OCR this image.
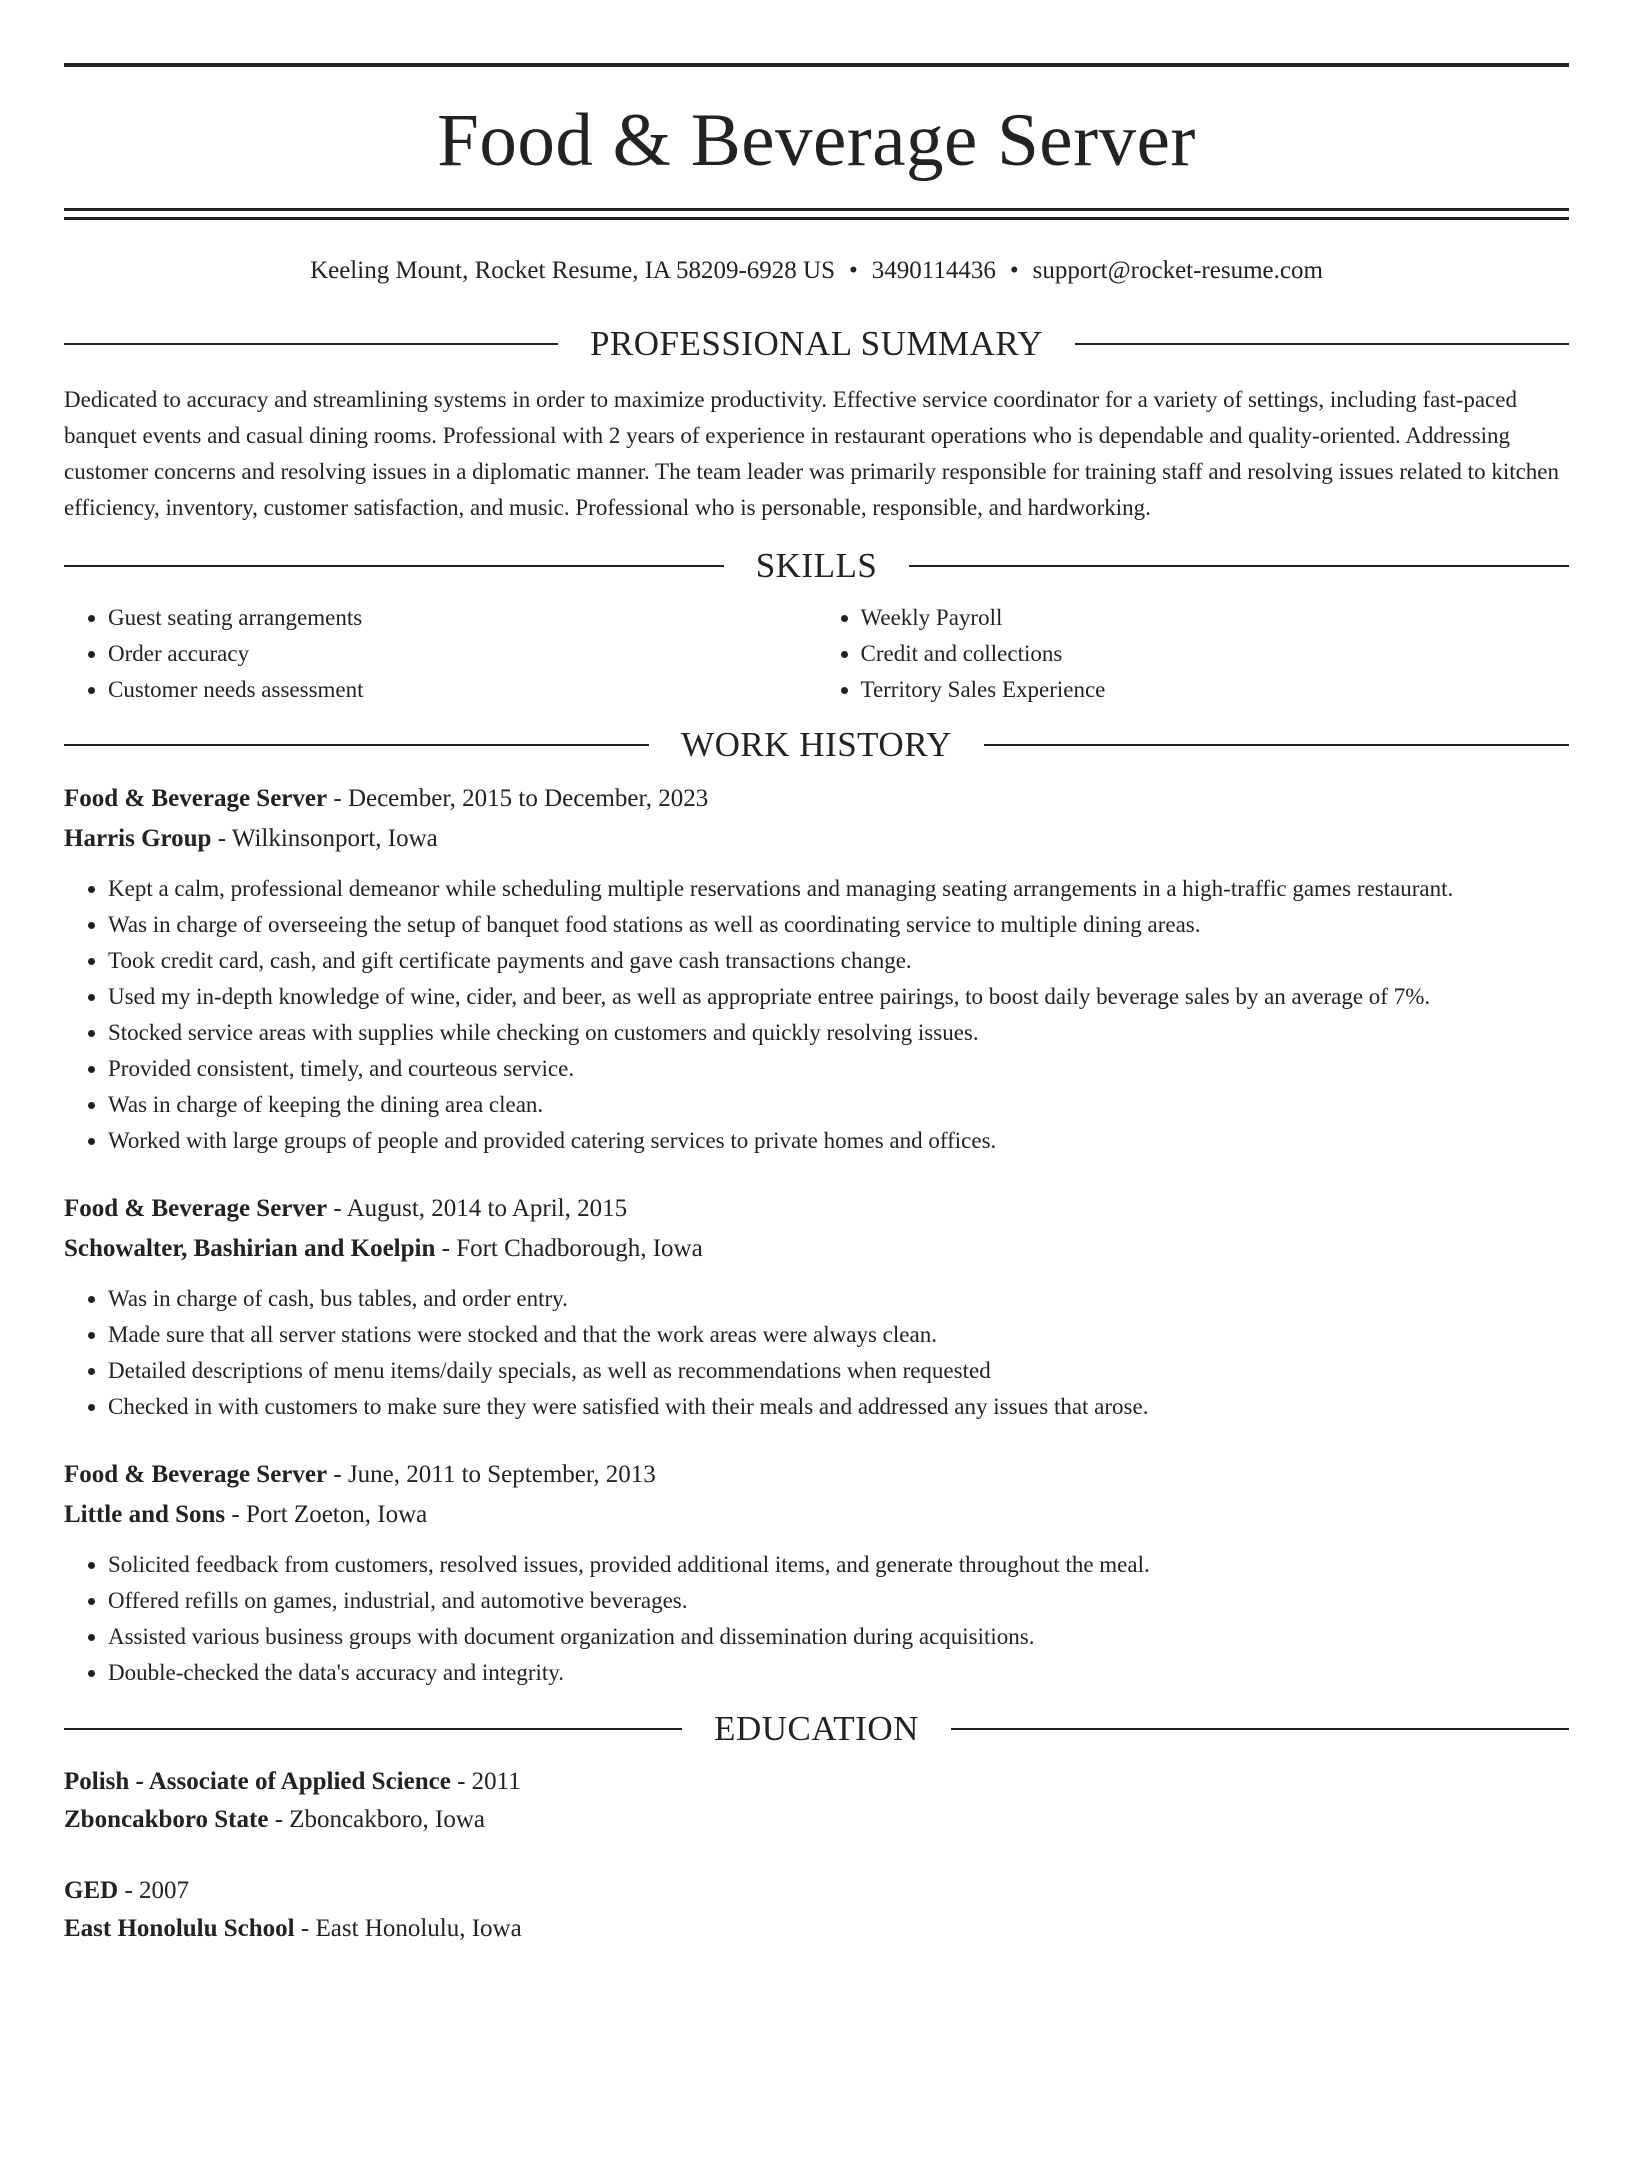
Food & Beverage Server
Keeling Mount, Rocket Resume, IA 58209-6928 US • 3490114436 • support@rocket-resume.com
PROFESSIONAL SUMMARY

Dedicated to accuracy and streamlining systems in order to maximize productivity. Effective service coordinator for a variety of settings, including fast-paced banquet events and casual dining rooms. Professional with 2 years of experience in restaurant operations who is dependable and quality-oriented. Addressing customer concerns and resolving issues in a diplomatic manner. The team leader was primarily responsible for training staff and resolving issues related to kitchen efficiency, inventory, customer satisfaction, and music. Professional who is personable, responsible, and hardworking.

SKILLS
• Guest seating arrangements
• Order accuracy
• Customer needs assessment
• Weekly Payroll
• Credit and collections
• Territory Sales Experience
WORK HISTORY

Food & Beverage Server - December, 2015 to December, 2023

Harris Group - Wilkinsonport, Iowa

• Kept a calm, professional demeanor while scheduling multiple reservations and managing seating arrangements in a high-traffic games restaurant.
• Was in charge of overseeing the setup of banquet food stations as well as coordinating service to multiple dining areas.
• Took credit card, cash, and gift certificate payments and gave cash transactions change.
• Used my in-depth knowledge of wine, cider, and beer, as well as appropriate entree pairings, to boost daily beverage sales by an average of 7%.
• Stocked service areas with supplies while checking on customers and quickly resolving issues.
• Provided consistent, timely, and courteous service.
• Was in charge of keeping the dining area clean.
• Worked with large groups of people and provided catering services to private homes and offices.

Food & Beverage Server - August, 2014 to April, 2015

Schowalter, Bashirian and Koelpin - Fort Chadborough, Iowa

• Was in charge of cash, bus tables, and order entry.
• Made sure that all server stations were stocked and that the work areas were always clean.
• Detailed descriptions of menu items/daily specials, as well as recommendations when requested
• Checked in with customers to make sure they were satisfied with their meals and addressed any issues that arose.

Food & Beverage Server - June, 2011 to September, 2013

Little and Sons - Port Zoeton, Iowa

• Solicited feedback from customers, resolved issues, provided additional items, and generate throughout the meal.
• Offered refills on games, industrial, and automotive beverages.
• Assisted various business groups with document organization and dissemination during acquisitions.
• Double-checked the data's accuracy and integrity.
EDUCATION

Polish - Associate of Applied Science - 2011

Zboncakboro State - Zboncakboro, Iowa

GED - 2007

East Honolulu School - East Honolulu, Iowa
